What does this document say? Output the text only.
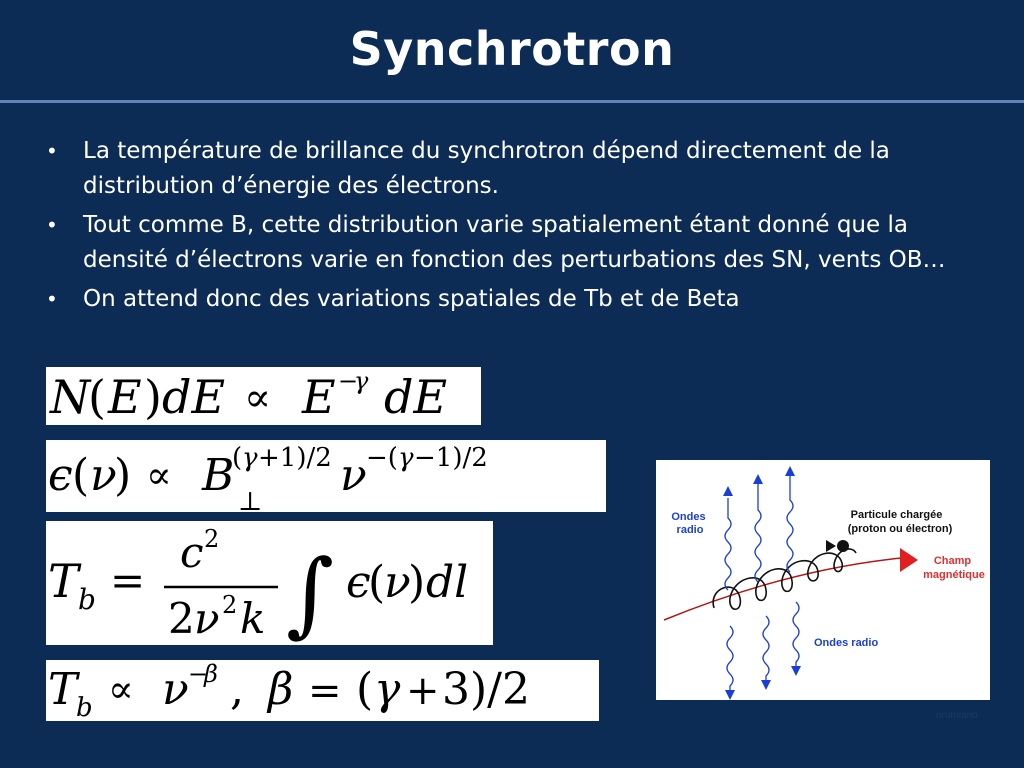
Synchrotron
• La température de brillance du synchrotron dépend directement de la distribution d’énergie des électrons.
• Tout comme B, cette distribution varie spatialement étant donné que la densité d’électrons varie en fonction des perturbations des SN, vents OB…
• On attend donc des variations spatiales de Tb et de Beta
N
( E ) dE ∝ E −
γ dE
ϵ ( ν
) ∝ B
( γ +1)/2
⊥
ν −( γ −1)/2
T b =
c 2
2 ν 2 k ∫ ϵ
(
ν
) dl
T
b ∝ ν −
β , β = ( γ + 3)/2
Ondes radio
Particule chargée (proton ou électron)
Champ magnétique
Ondes radio
nrumiano
